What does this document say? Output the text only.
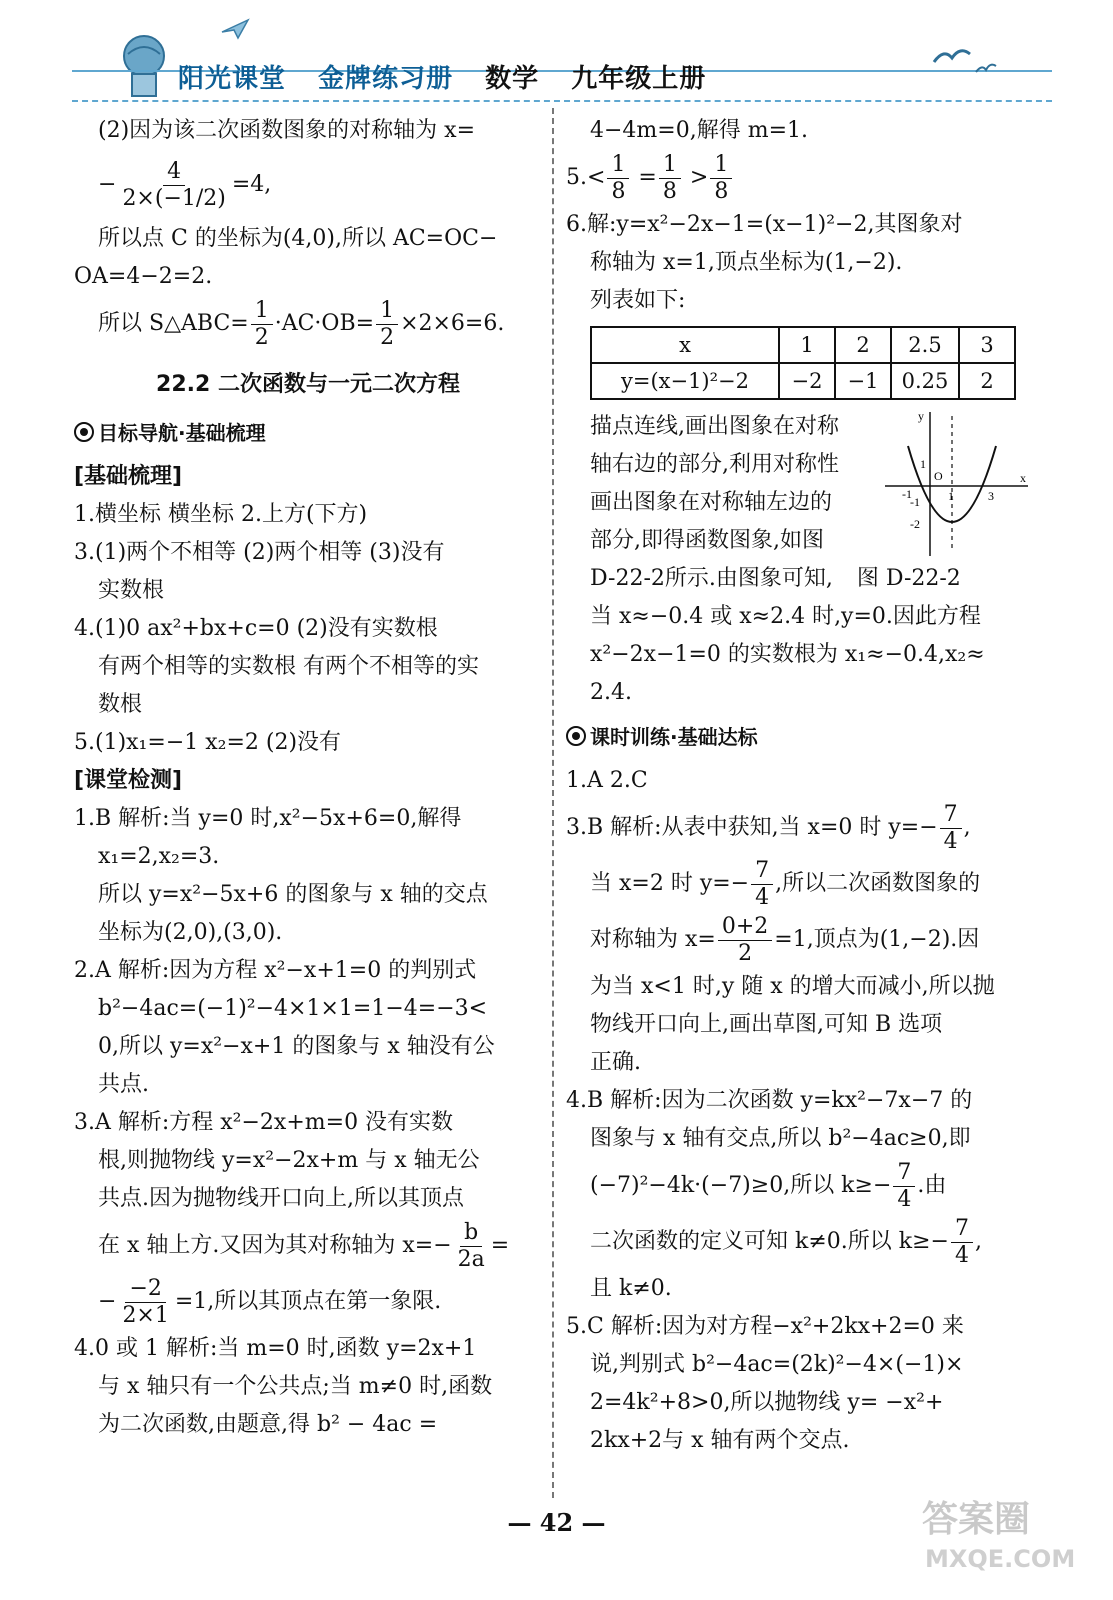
阳光课堂 金牌练习册 数学 九年级上册

(2)因为该二次函数图象的对称轴为 x=

− $\frac{4}{2\times(-1/2)} =4$,

所以点 C 的坐标为(4,0),所以 AC=OC−

OA=4−2=2.

所以 S△ABC= $\frac{1}{2} \cdot AC\cdot OB= \frac{1}{2} \times 2\times 6=6$.

22.2 二次函数与一元二次方程

目标导航·基础梳理

[基础梳理]

1.横坐标 横坐标 2.上方(下方)

3.(1)两个不相等 (2)两个相等 (3)没有

实数根

4.(1)0 ax²+bx+c=0 (2)没有实数根

有两个相等的实数根 有两个不相等的实

数根

5.(1)x₁=−1 x₂=2 (2)没有

[课堂检测]

1.B 解析:当 y=0 时,x²−5x+6=0,解得

x₁=2,x₂=3.

所以 y=x²−5x+6 的图象与 x 轴的交点

坐标为(2,0),(3,0).

2.A 解析:因为方程 x²−x+1=0 的判别式

b²−4ac=(−1)²−4×1×1=1−4=−3<

0,所以 y=x²−x+1 的图象与 x 轴没有公

共点.

3.A 解析:方程 x²−2x+m=0 没有实数

根,则抛物线 y=x²−2x+m 与 x 轴无公

共点.因为抛物线开口向上,所以其顶点

在 x 轴上方.又因为其对称轴为 $x=- \frac{b}{2a}$ =

− $\frac{-2}{2\times 1} =1$,所以其顶点在第一象限.

4.0 或 1 解析:当 m=0 时,函数 y=2x+1

与 x 轴只有一个公共点;当 m≠0 时,函数

为二次函数,由题意,得 b² − 4ac =

4−4m=0,解得 m=1.

$5.< \frac{1}{8} = \frac{1}{8} > \frac{1}{8}$

6.解:y=x²−2x−1=(x−1)²−2,其图象对

称轴为 x=1,顶点坐标为(1,−2).

列表如下:

x	1	2	2.5	3
y=(x−1)²−2	−2	−1	0.25	2

描点连线,画出图象在对称

轴右边的部分,利用对称性

画出图象在对称轴左边的

部分,即得函数图象,如图

D-22-2所示.由图象可知, 图 D-22-2

y
x
O
1
-1
-2
1
-1	3

当 x≈−0.4 或 x≈2.4 时,y=0.因此方程

x²−2x−1=0 的实数根为 x₁≈−0.4,x₂≈

2.4.

课时训练·基础达标

1.A 2.C

3.B 解析:从表中获知,当 x=0 时 $y=- \frac{7}{4}$ ,

当 x=2 时 $y=- \frac{7}{4}$ ,所以二次函数图象的

对称轴为 $x= \frac{0+2}{2} =1$,顶点为(1,−2).因

为当 x<1 时,y 随 x 的增大而减小,所以抛

物线开口向上,画出草图,可知 B 选项

正确.

4.B 解析:因为二次函数 y=kx²−7x−7 的

图象与 x 轴有交点,所以 b²−4ac≥0,即

(−7)²−4k·(−7)≥0,所以 $k\ge- \frac{7}{4}$ .由

二次函数的定义可知 k≠0.所以 $k\ge- \frac{7}{4}$ ,

且 k≠0.

5.C 解析:因为对方程−x²+2kx+2=0 来

说,判别式 b²−4ac=(2k)²−4×(−1)×

2=4k²+8>0,所以抛物线 y= −x²+

2kx+2与 x 轴有两个交点.

— 42 —	答案圈
MXQE.COM
